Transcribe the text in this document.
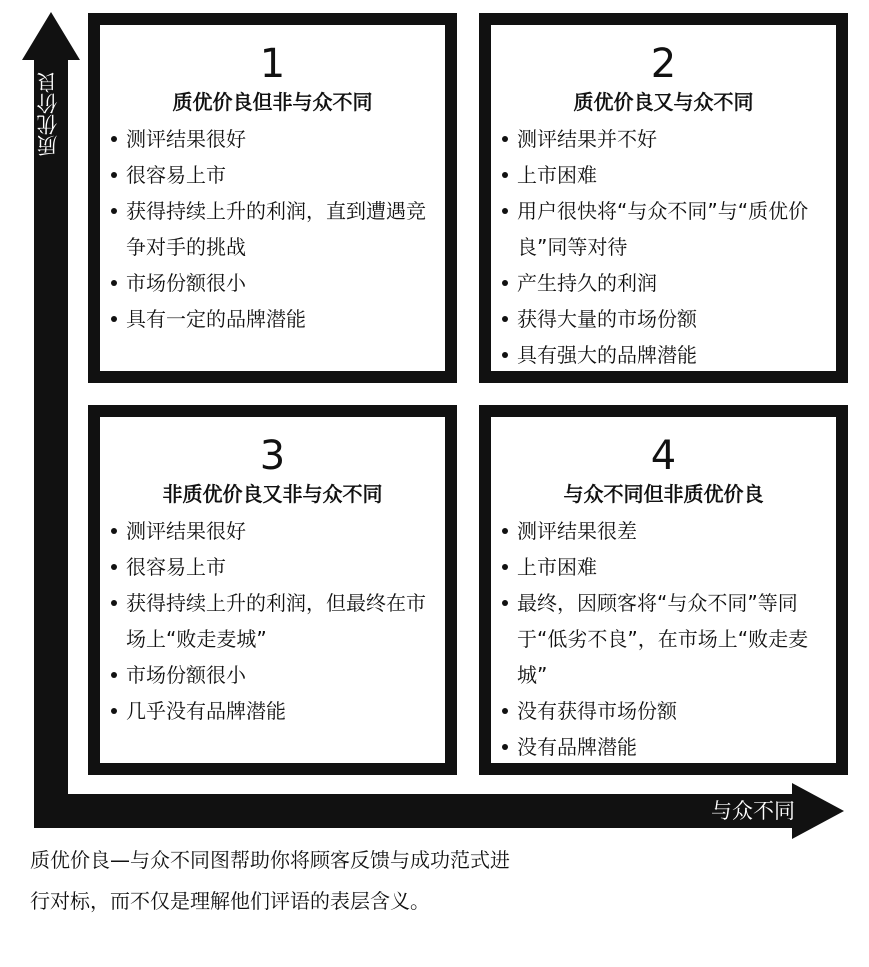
质优价良
与众不同
1
质优价良但非与众不同
测评结果很好
很容易上市
获得持续上升的利润，直到遭遇竞争对手的挑战
市场份额很小
具有一定的品牌潜能
2
质优价良又与众不同
测评结果并不好
上市困难
用户很快将“与众不同”与“质优价良”同等对待
产生持久的利润
获得大量的市场份额
具有强大的品牌潜能
3
非质优价良又非与众不同
测评结果很好
很容易上市
获得持续上升的利润，但最终在市场上“败走麦城”
市场份额很小
几乎没有品牌潜能
4
与众不同但非质优价良
测评结果很差
上市困难
最终，因顾客将“与众不同”等同于“低劣不良”，在市场上“败走麦城”
没有获得市场份额
没有品牌潜能
质优价良—与众不同图帮助你将顾客反馈与成功范式进行对标，而不仅是理解他们评语的表层含义。
